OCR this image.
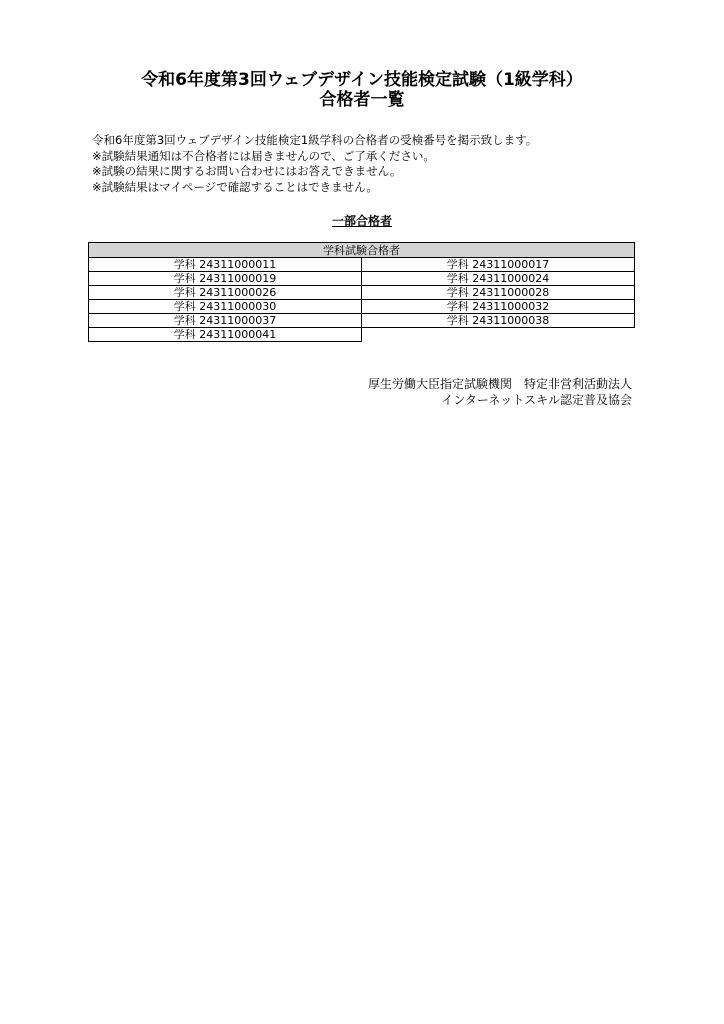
令和6年度第3回ウェブデザイン技能検定試験（1級学科）
合格者一覧
令和6年度第3回ウェブデザイン技能検定1級学科の合格者の受検番号を掲示致します。
※試験結果通知は不合格者には届きませんので、ご了承ください。
※試験の結果に関するお問い合わせにはお答えできません。
※試験結果はマイページで確認することはできません。
一部合格者
学科試験合格者	
学科 24311000011	学科 24311000017
学科 24311000019	学科 24311000024
学科 24311000026	学科 24311000028
学科 24311000030	学科 24311000032
学科 24311000037	学科 24311000038
学科 24311000041	
厚生労働大臣指定試験機関　特定非営利活動法人
インターネットスキル認定普及協会
